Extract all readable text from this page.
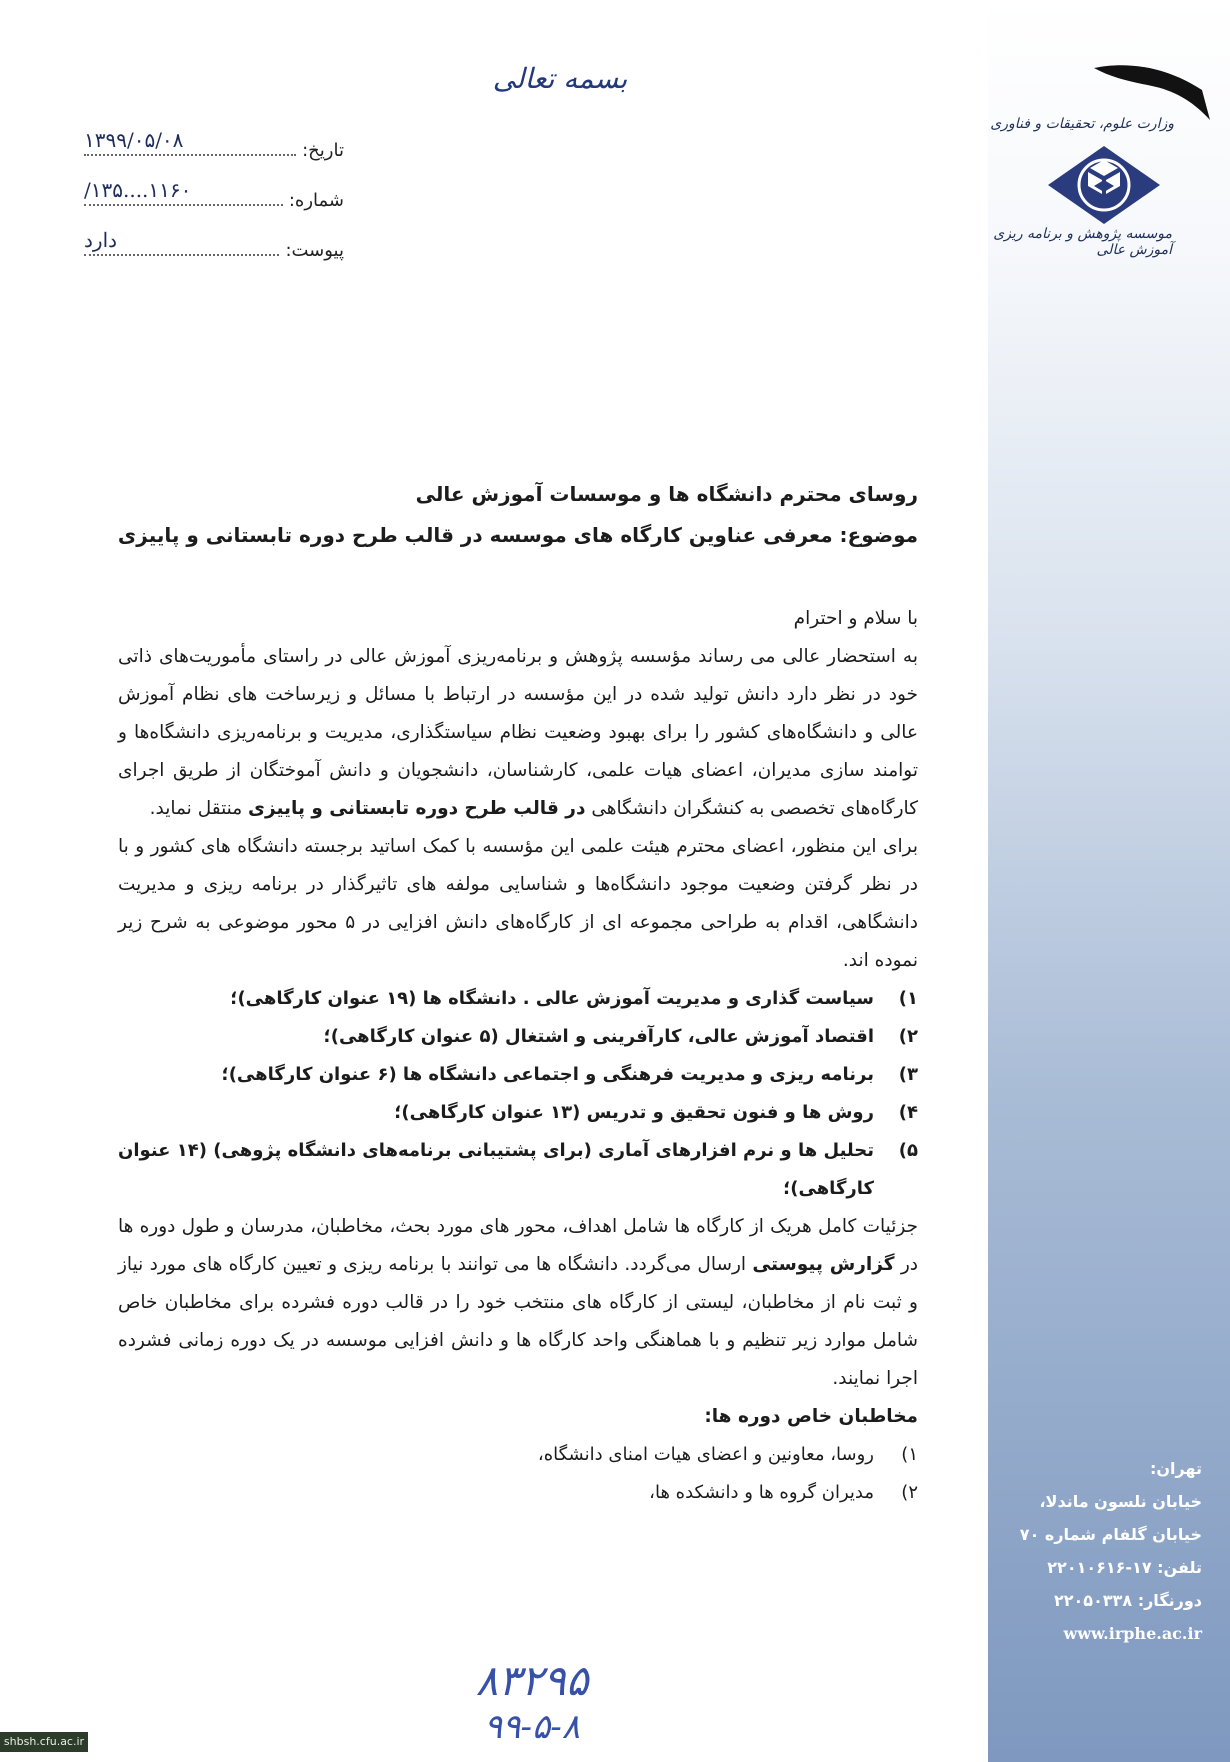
وزارت علوم، تحقیقات و فناوری
موسسه پژوهش و برنامه ریزی آموزش عالی
بسمه تعالی
تاریخ:
۱۳۹۹/۰۵/۰۸
شماره:
۱۱۶۰....۱۳۵/
پیوست:
دارد
روسای محترم دانشگاه ها و موسسات آموزش عالی
موضوع: معرفی عناوین کارگاه های موسسه در قالب طرح دوره تابستانی و پاییزی

با سلام و احترام

به استحضار عالی می رساند مؤسسه پژوهش و برنامه‌ریزی آموزش عالی در راستای مأموریت‌های ذاتی خود در نظر دارد دانش تولید شده در این مؤسسه در ارتباط با مسائل و زیرساخت های نظام آموزش عالی و دانشگاه‌های کشور را برای بهبود وضعیت نظام سیاستگذاری، مدیریت و برنامه‌ریزی دانشگاه‌ها و توامند سازی مدیران، اعضای هیات علمی، کارشناسان، دانشجویان و دانش آموختگان از طریق اجرای کارگاه‌های تخصصی به کنشگران دانشگاهی در قالب طرح دوره تابستانی و پاییزی منتقل نماید.

برای این منظور، اعضای محترم هیئت علمی این مؤسسه با کمک اساتید برجسته دانشگاه های کشور و با در نظر گرفتن وضعیت موجود دانشگاه‌ها و شناسایی مولفه های تاثیرگذار در برنامه ریزی و مدیریت دانشگاهی، اقدام به طراحی مجموعه ای از کارگاه‌های دانش افزایی در ۵ محور موضوعی به شرح زیر نموده اند.

۱)
سیاست گذاری و مدیریت آموزش عالی . دانشگاه ها (۱۹ عنوان کارگاهی)؛
۲)
اقتصاد آموزش عالی، کارآفرینی و اشتغال (۵ عنوان کارگاهی)؛
۳)
برنامه ریزی و مدیریت فرهنگی و اجتماعی دانشگاه ها (۶ عنوان کارگاهی)؛
۴)
روش ها و فنون تحقیق و تدریس (۱۳ عنوان کارگاهی)؛
۵)
تحلیل ها و نرم افزارهای آماری (برای پشتیبانی برنامه‌های دانشگاه پژوهی) (۱۴ عنوان کارگاهی)؛

جزئیات کامل هریک از کارگاه ها شامل اهداف، محور های مورد بحث، مخاطبان، مدرسان و طول دوره ها در گزارش پیوستی ارسال می‌گردد. دانشگاه ها می توانند با برنامه ریزی و تعیین کارگاه های مورد نیاز و ثبت نام از مخاطبان، لیستی از کارگاه های منتخب خود را در قالب دوره فشرده برای مخاطبان خاص شامل موارد زیر تنظیم و با هماهنگی واحد کارگاه ها و دانش افزایی موسسه در یک دوره زمانی فشرده اجرا نمایند.

مخاطبان خاص دوره ها:

۱)
روسا، معاونین و اعضای هیات امنای دانشگاه،
۲)
مدیران گروه ها و دانشکده ها،
تهران:
خیابان نلسون ماندلا،
خیابان گلفام شماره ۷۰
تلفن: ۱۷-۲۲۰۱۰۶۱۶
دورنگار: ۲۲۰۵۰۳۳۸
www.irphe.ac.ir
۸۳۲۹۵
۹۹-۵-۸
shbsh.cfu.ac.ir
